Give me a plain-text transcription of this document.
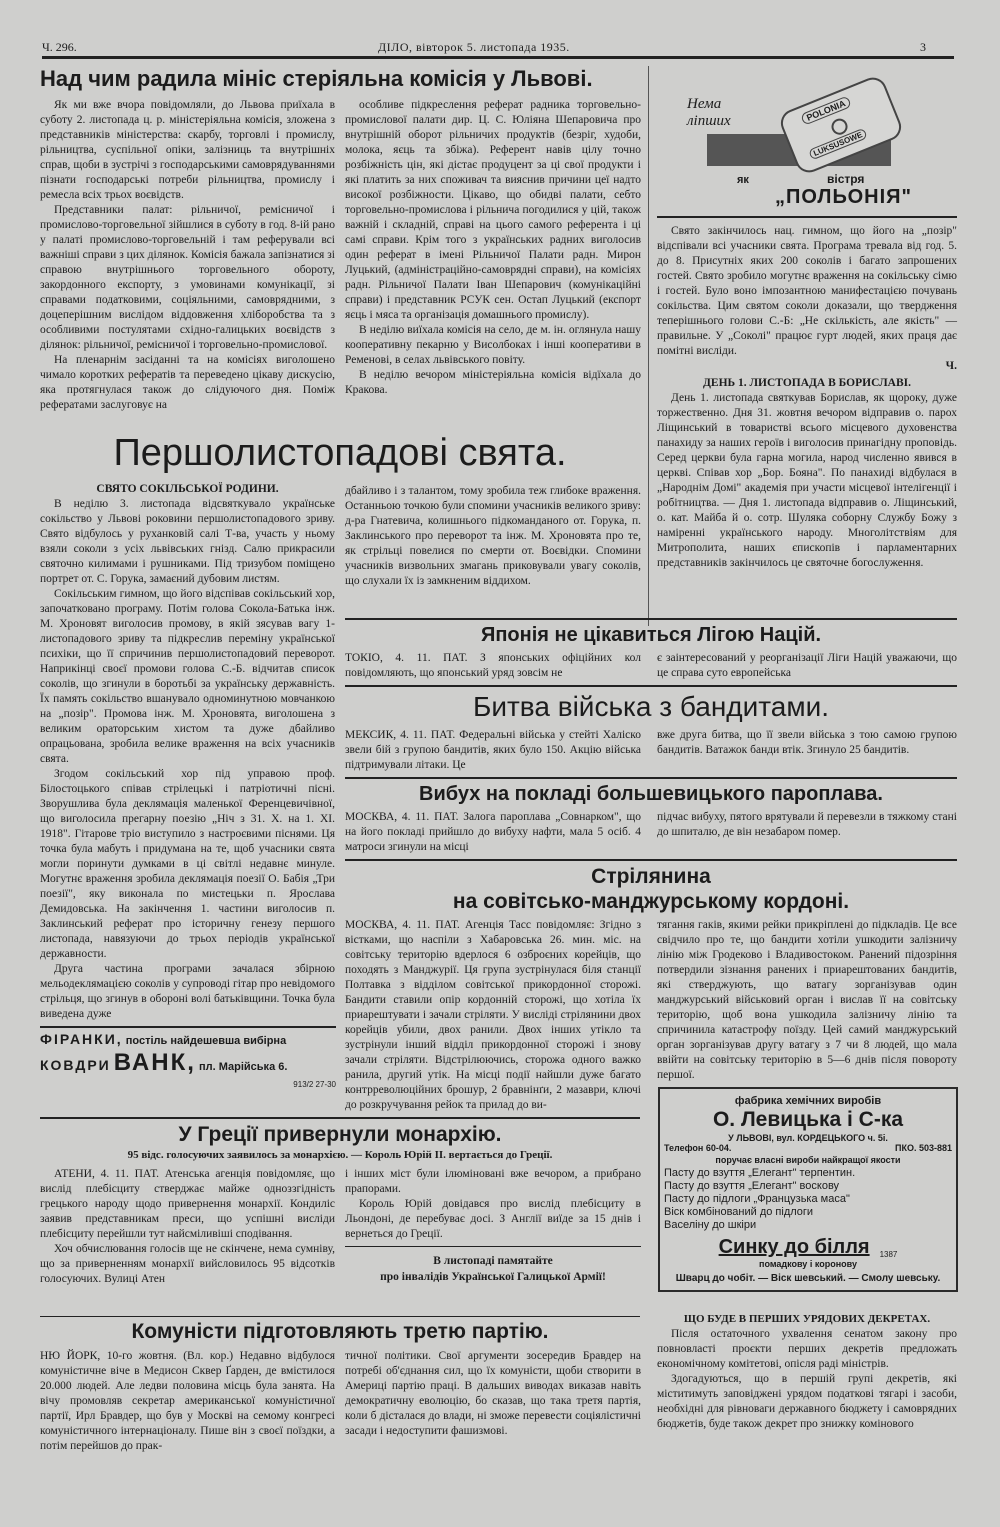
Ч. 296.	ДІЛО, вівторок 5. листопада 1935.	3
Над чим радила мініс стеріяльна комісія у Львові.

Як ми вже вчора повідомляли, до Львова приїхала в суботу 2. листопада ц. р. міністеріяльна комісія, зложена з представників міністерства: скарбу, торговлі і промислу, рільництва, суспільної опіки, залізниць та внутрішніх справ, щоби в зустрічі з господарськими самоврядуваннями пізнати господарські потреби рільництва, промислу і ремесла всіх трьох воєвідств.

Представники палат: рільничої, ремісничої і промислово-торговельної зійшлися в суботу в год. 8-ій рано у палаті промислово-торговельній і там реферували всі важніші справи з цих ділянок. Комісія бажала запізнатися зі справою внутрішнього торговельного обороту, закордонного експорту, з умовинами комунікації, зі справами податковими, соціяльними, самоврядними, з доцеперішним вислідом віддовження хліборобства та з особливими постулятами східно-галицьких воєвідств з ділянок: рільничої, ремісничої і торговельно-промислової.

На пленарнім засіданні та на комісіях виголошено чимало коротких рефератів та переведено цікаву дискусію, яка протягнулася також до слідуючого дня. Поміж рефератами заслуговує на

особливе підкреслення реферат радника торговельно-промислової палати дир. Ц. С. Юліяна Шепаровича про внутрішній оборот рільничих продуктів (безріг, худоби, молока, яєць та збіжа). Референт навів цілу точно розбіжність цін, які дістає продуцент за ці свої продукти і які платить за них споживач та вияснив причини цеї надто високої розбіжности. Цікаво, що обидві палати, себто торговельно-промислова і рільнича погодилися у цій, також важній і складній, справі на цього самого референта і ці самі справи. Крім того з українських радних виголосив один реферат в імені Рільничої Палати радн. Мирон Луцький, (адміністраційно-самоврядні справи), на комісіях радн. Рільничої Палати Іван Шепарович (комунікаційні справи) і представник РСУК сен. Остап Луцький (експорт яєць і мяса та організація домашнього промислу).

В неділю виїхала комісія на село, де м. ін. оглянула нашу кооперативну пекарню у Висолбоках і інші кооперативи в Ременові, в селах львівського повіту.

В неділю вечором міністеріяльна комісія відїхала до Кракова.

Нема
ліпших	POLONIA
LUKSUSOWE
як	вістря
„ПОЛЬОНІЯ"

Свято закінчилось нац. гимном, що його на „позір" відспівали всі учасники свята. Програма тревала від год. 5. до 8. Присутніх яких 200 соколів і багато запрошених гостей. Свято зробило могутнє враження на сокільську сімю і гостей. Було воно імпозантною манифестацією почувань сокільства. Цим святом соколи доказали, що твердження теперішнього голови С.-Б: „Не скількість, але якість" — правильне. У „Соколі" працює гурт людей, яких праця дає помітні висліди.

Ч.
ДЕНЬ 1. ЛИСТОПАДА В БОРИСЛАВІ.

День 1. листопада святкував Борислав, як щороку, дуже торжественно. Дня 31. жовтня вечором відправив о. парох Ліщинський в товаристві всього місцевого духовенства панахиду за наших героїв і виголосив принагідну проповідь. Серед церкви була гарна могила, народ численно явився в церкві. Співав хор „Бор. Бояна". По панахиді відбулася в „Народнім Домі" академія при участи місцевої інтелігенції і робітництва. — Дня 1. листопада відправив о. Ліщинський, о. кат. Майба й о. сотр. Шуляка соборну Службу Божу з наміренні українського народу. Многолітствіям для Митрополита, наших єпископів і парламентарних представників закінчилось це святочне богослуження.

Першолистопадові свята.
СВЯТО СОКІЛЬСЬКОЇ РОДИНИ.

В неділю 3. листопада відсвяткувало українське сокільство у Львові роковини першолистопадового зриву. Свято відбулось у руханковій салі Т-ва, участь у ньому взяли соколи з усіх львівських гнізд. Салю прикрасили святочно килимами і рушниками. Під тризубом поміщено портрет от. С. Горука, замаєний дубовим листям.

Сокільським гимном, що його відспівав сокільський хор, започатковано програму. Потім голова Сокола-Батька інж. М. Хроновят виголосив промову, в якій зясував вагу 1-листопадового зриву та підкреслив переміну української психіки, що її спричинив першолистопадовий переворот. Наприкінці своєї промови голова С.-Б. відчитав список соколів, що згинули в боротьбі за українську державність. Їх память сокільство вшанувало одноминутною мовчанкою на „позір". Промова інж. М. Хроновята, виголошена з великим ораторським хистом та дуже дбайливо опрацьована, зробила велике враження на всіх учасників свята.

Згодом сокільський хор під управою проф. Білостоцького співав стрілецькі і патріотичні пісні. Зворушлива була деклямація маленької Ференцевичівної, що виголосила прегарну поезію „Ніч з 31. X. на 1. XI. 1918". Гітарове тріо виступило з настроєвими піснями. Ця точка була мабуть і придумана на те, щоб учасники свята могли поринути думками в ці світлі недавнє минуле. Могутнє враження зробила деклямація поезії О. Бабія „Три поезії", яку виконала по мистецьки п. Ярослава Демидовська. На закінчення 1. частини виголосив п. Заклинський реферат про історичну генезу першого листопада, навязуючи до трьох періодів української державности.

Друга частина програми зачалася збірною мельодеклямацією соколів у супроводі гітар про невідомого стрільця, що згинув в обороні волі батьківщини. Точка була виведена дуже

дбайливо і з талантом, тому зробила теж глибоке враження. Останньою точкою були спомини учасників великого зриву: д-ра Гнатевича, колишнього підкоманданого от. Горука, п. Заклинського про переворот та інж. М. Хроновята про те, як стрільці повелися по смерти от. Воєвідки. Спомини учасників визвольних змагань приковували увагу соколів, що слухали їх із замкненим віддихом.

Японія не цікавиться Лігою Націй.
ТОКІО, 4. 11. ПАТ. З японських офіційних кол повідомляють, що японський уряд зовсім не
є заінтересований у реорганізації Ліги Націй уважаючи, що це справа суто европейська
Битва війська з бандитами.
МЕКСИК, 4. 11. ПАТ. Федеральні війська у стейті Халіско звели бій з групою бандитів, яких було 150. Акцію війська підтримували літаки. Це
вже друга битва, що її звели війська з тою самою групою бандитів. Ватажок банди втік. Згинуло 25 бандитів.
Вибух на покладі большевицького пароплава.
МОСКВА, 4. 11. ПАТ. Залога пароплава „Совнарком", що на його покладі прийшло до вибуху нафти, мала 5 осіб. 4 матроси згинули на місці
підчас вибуху, пятого врятували й перевезли в тяжкому стані до шпиталю, де він незабаром помер.
Стрілянина
на совітсько-манджурському кордоні.
МОСКВА, 4. 11. ПАТ. Агенція Тасс повідомляє: Згідно з вістками, що наспіли з Хабаровська 26. мин. міс. на совітську територію вдерлося 6 озброєних корейців, що походять з Манджурії. Ця група зустрінулася біля станції Полтавка з відділом совітської прикордонної сторожі. Бандити ставили опір кордонній сторожі, що хотіла їх приарештувати і зачали стріляти. У висліді стрілянини двох корейців убили, двох ранили. Двох інших утікло та зустрінули інший відділ прикордонної сторожі і знову зачали стріляти. Відстрілюючись, сторожа одного важко ранила, другий утік. На місці події найшли дуже багато контрреволюційних брошур, 2 бравнінґи, 2 мазаври, ключі до розкручування рейок та прилад до ви-
тягання гаків, якими рейки прикріплені до підкладів. Це все свідчило про те, що бандити хотіли ушкодити залізничу лінію між Гродеково і Владивостоком. Ранений підозріння потвердили зізнання ранених і приарештованих бандитів, які стверджують, що ватагу зорганізував один манджурський військовий орган і вислав її на совітську територію, щоб вона ушкодила залізничу лінію та спричинила катастрофу поїзду. Цей самий манджурський орган зорганізував другу ватагу з 7 чи 8 людей, що мала ввійти на совітську територію в 5—6 днів після повороту першої.
ФІРАНКИ, постіль найдешевша вибірна
КОВДРИ ВАНК, пл. Марійська 6.
913/2 27-30
У Греції привернули монархію.
95 відс. голосуючих заявилось за монархією. — Король Юрій II. вертається до Греції.

АТЕНИ, 4. 11. ПАТ. Атенська агенція повідомляє, що вислід плебісциту стверджає майже одноззгідність грецького народу щодо привернення монархії. Кондиліс заявив представникам преси, що успішні висліди плебісциту перейшли тут найсміливіші сподівання.

Хоч обчислювання голосів ще не скінчене, нема сумніву, що за приверненням монархії вийсловилось 95 відсотків голосуючих. Вулиці Атен

і інших міст були ілюміновані вже вечором, а прибрано прапорами.

Король Юрій довідався про вислід плебісциту в Льондоні, де перебуває досі. З Англії виїде за 15 днів і вернеться до Греції.

В листопаді памятайте
про інвалідів Української Галицької Армії!
фабрика хемічних виробів
О. Левицька і С-ка
У ЛЬВОВІ, вул. КОРДЕЦЬКОГО ч. 5і.
Телефон 60-04.	ПКО. 503-881
поручає власні вироби найкращої якости
Пасту до взуття „Елегант" терпентин.
Пасту до взуття „Елегант" воскову
Пасту до підлоги „Французька маса"
Віск комбінований до підлоги
Васеліну до шкіри
Синку до білля 1387
помадкову і коронову
Шварц до чобіт. — Віск шевський. — Смолу шевську.
ЩО БУДЕ В ПЕРШИХ УРЯДОВИХ ДЕКРЕТАХ.

Після остаточного ухвалення сенатом закону про повновласті проєкти перших декретів предложать економічному комітетові, опісля раді міністрів.

Здогадуються, що в першій групі декретів, які міститимуть заповіджені урядом податкові тягарі і засоби, необхідні для рівноваги державного бюджету і самоврядних бюджетів, буде також декрет про знижку комінового

Комуністи підготовляють третю партію.
НЮ ЙОРК, 10-го жовтня. (Вл. кор.) Недавно відбулося комуністичне віче в Медисон Сквер Ґарден, де вмістилося 20.000 людей. Але ледви половина місць була занята. На вічу промовляв секретар американської комуністичної партії, Ирл Бравдер, що був у Москві на семому конгресі комуністичного інтернаціоналу. Пише він з своєї поїздки, а потім перейшов до прак-
тичної політики. Свої аргументи зосередив Бравдер на потребі об'єднання сил, що їх комуністи, щоби створити в Америці партію праці. В дальших виводах виказав навіть демократичну еволюцію, бо сказав, що така третя партія, коли б дісталася до влади, ні зможе перевести соціялістичні засади і недоступити фашизмові.
